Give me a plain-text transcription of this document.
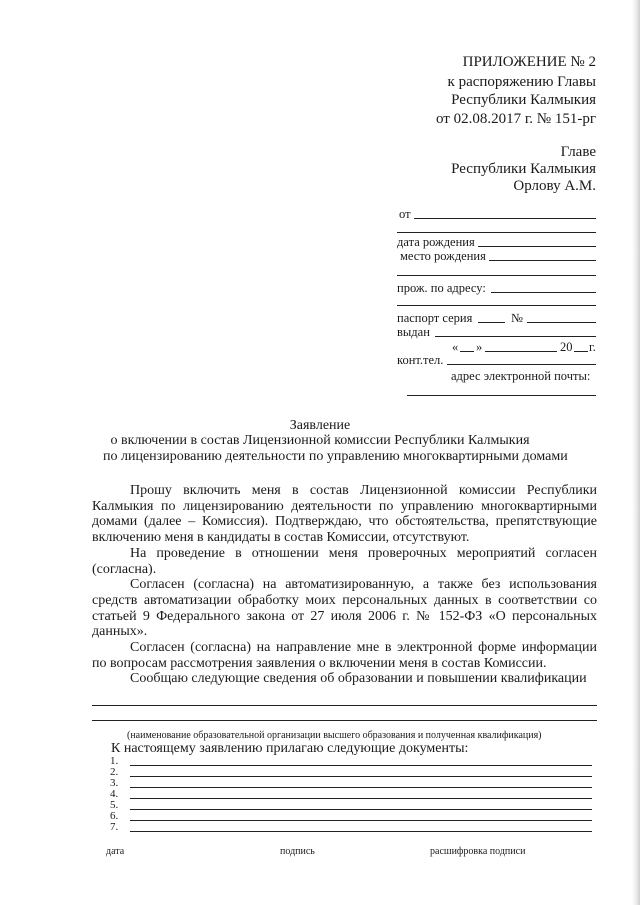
ПРИЛОЖЕНИЕ № 2
к распоряжению Главы
Республики Калмыкия
от 02.08.2017 г. № 151-рг
Главе
Республики Калмыкия
Орлову А.М.
от
дата рождения
место рождения
прож. по адресу:
паспорт серия	№
выдан
« »	20 г.
конт.тел.
адрес электронной почты:
Заявление
о включении в состав Лицензионной комиссии Республики Калмыкия
по лицензированию деятельности по управлению многоквартирными домами

Прошу включить меня в состав Лицензионной комиссии Республики Калмыкия по лицензированию деятельности по управлению многоквартирными домами (далее – Комиссия). Подтверждаю, что обстоятельства, препятствующие включению меня в кандидаты в состав Комиссии, отсутствуют.

На проведение в отношении меня проверочных мероприятий согласен (согласна).

Согласен (согласна) на автоматизированную, а также без использования средств автоматизации обработку моих персональных данных в соответствии со статьей 9 Федерального закона от 27 июля 2006 г. № 152-ФЗ «О персональных данных».

Согласен (согласна) на направление мне в электронной форме информации по вопросам рассмотрения заявления о включении меня в состав Комиссии.

Сообщаю следующие сведения об образовании и повышении квалификации

(наименование образовательной организации высшего образования и полученная квалификация)
К настоящему заявлению прилагаю следующие документы:
1.
2.
3.
4.
5.
6.
7.
дата	подпись	расшифровка подписи
